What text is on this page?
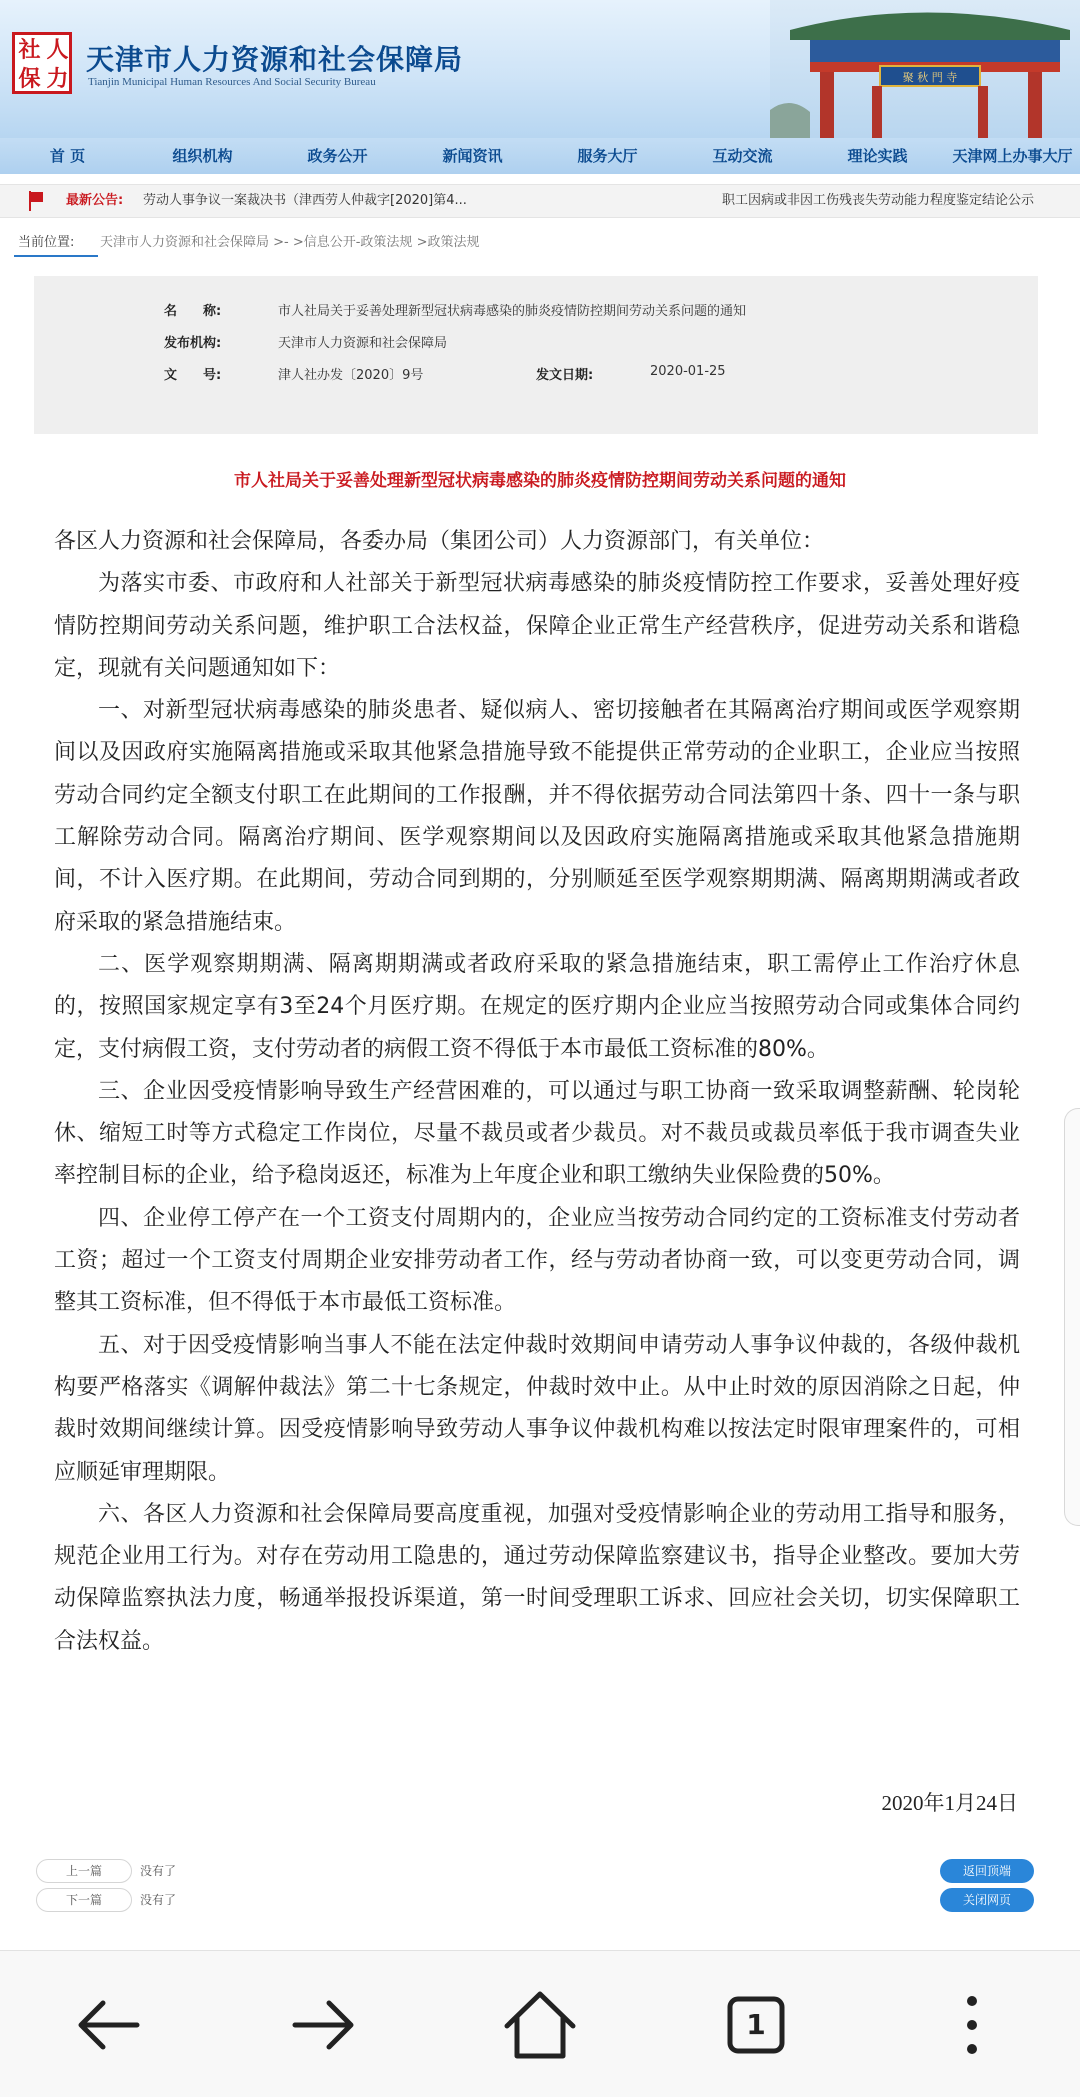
社 人
保 力
天津市人力资源和社会保障局
Tianjin Municipal Human Resources And Social Security Bureau	聚 秋 門 寺
首 页	组织机构	政务公开	新闻资讯	服务大厅	互动交流	理论实践	天津网上办事大厅
最新公告: 劳动人事争议一案裁决书（津西劳人仲裁字[2020]第4...	职工因病或非因工伤残丧失劳动能力程度鉴定结论公示
当前位置: 天津市人力资源和社会保障局 >- >信息公开-政策法规 >政策法规
名　　称:	市人社局关于妥善处理新型冠状病毒感染的肺炎疫情防控期间劳动关系问题的通知
发布机构:	天津市人力资源和社会保障局
文　　号:	津人社办发〔2020〕9号	发文日期:	2020-01-25
市人社局关于妥善处理新型冠状病毒感染的肺炎疫情防控期间劳动关系问题的通知

各区人力资源和社会保障局，各委办局（集团公司）人力资源部门，有关单位：

为落实市委、市政府和人社部关于新型冠状病毒感染的肺炎疫情防控工作要求，妥善处理好疫情防控期间劳动关系问题，维护职工合法权益，保障企业正常生产经营秩序，促进劳动关系和谐稳定，现就有关问题通知如下：

一、对新型冠状病毒感染的肺炎患者、疑似病人、密切接触者在其隔离治疗期间或医学观察期间以及因政府实施隔离措施或采取其他紧急措施导致不能提供正常劳动的企业职工，企业应当按照劳动合同约定全额支付职工在此期间的工作报酬，并不得依据劳动合同法第四十条、四十一条与职工解除劳动合同。隔离治疗期间、医学观察期间以及因政府实施隔离措施或采取其他紧急措施期间，不计入医疗期。在此期间，劳动合同到期的，分别顺延至医学观察期期满、隔离期期满或者政府采取的紧急措施结束。

二、医学观察期期满、隔离期期满或者政府采取的紧急措施结束，职工需停止工作治疗休息的，按照国家规定享有3至24个月医疗期。在规定的医疗期内企业应当按照劳动合同或集体合同约定，支付病假工资，支付劳动者的病假工资不得低于本市最低工资标准的80%。

三、企业因受疫情影响导致生产经营困难的，可以通过与职工协商一致采取调整薪酬、轮岗轮休、缩短工时等方式稳定工作岗位，尽量不裁员或者少裁员。对不裁员或裁员率低于我市调查失业率控制目标的企业，给予稳岗返还，标准为上年度企业和职工缴纳失业保险费的50%。

四、企业停工停产在一个工资支付周期内的，企业应当按劳动合同约定的工资标准支付劳动者工资；超过一个工资支付周期企业安排劳动者工作，经与劳动者协商一致，可以变更劳动合同，调整其工资标准，但不得低于本市最低工资标准。

五、对于因受疫情影响当事人不能在法定仲裁时效期间申请劳动人事争议仲裁的，各级仲裁机构要严格落实《调解仲裁法》第二十七条规定，仲裁时效中止。从中止时效的原因消除之日起，仲裁时效期间继续计算。因受疫情影响导致劳动人事争议仲裁机构难以按法定时限审理案件的，可相应顺延审理期限。

六、各区人力资源和社会保障局要高度重视，加强对受疫情影响企业的劳动用工指导和服务，规范企业用工行为。对存在劳动用工隐患的，通过劳动保障监察建议书，指导企业整改。要加大劳动保障监察执法力度，畅通举报投诉渠道，第一时间受理职工诉求、回应社会关切，切实保障职工合法权益。

2020年1月24日
上一篇	没有了
下一篇	没有了
返回顶端
关闭网页
1
